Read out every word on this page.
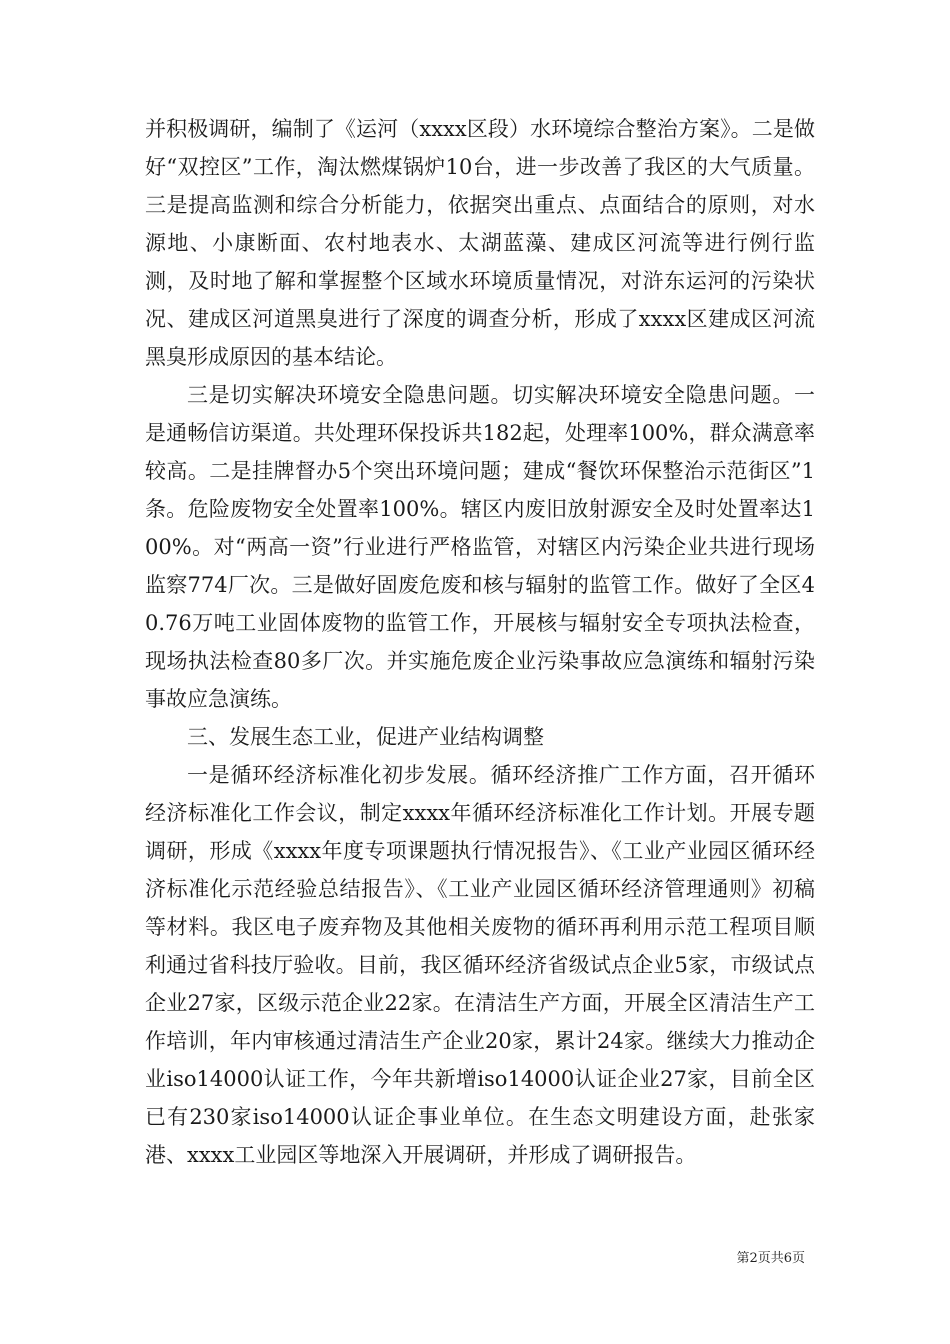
并积极调研，编制了《运河（xxxx区段）水环境综合整治方案》。二是做好“双控区”工作，淘汰燃煤锅炉10台，进一步改善了我区的大气质量。三是提高监测和综合分析能力，依据突出重点、点面结合的原则，对水源地、小康断面、农村地表水、太湖蓝藻、建成区河流等进行例行监测，及时地了解和掌握整个区域水环境质量情况，对浒东运河的污染状况、建成区河道黑臭进行了深度的调查分析，形成了xxxx区建成区河流黑臭形成原因的基本结论。

三是切实解决环境安全隐患问题。切实解决环境安全隐患问题。一是通畅信访渠道。共处理环保投诉共182起，处理率100%，群众满意率较高。二是挂牌督办5个突出环境问题；建成“餐饮环保整治示范街区”1条。危险废物安全处置率100%。辖区内废旧放射源安全及时处置率达100%。对“两高一资”行业进行严格监管，对辖区内污染企业共进行现场监察774厂次。三是做好固废危废和核与辐射的监管工作。做好了全区40.76万吨工业固体废物的监管工作，开展核与辐射安全专项执法检查，现场执法检查80多厂次。并实施危废企业污染事故应急演练和辐射污染事故应急演练。

三、发展生态工业，促进产业结构调整

一是循环经济标准化初步发展。循环经济推广工作方面，召开循环经济标准化工作会议，制定xxxx年循环经济标准化工作计划。开展专题调研，形成《xxxx年度专项课题执行情况报告》、《工业产业园区循环经济标准化示范经验总结报告》、《工业产业园区循环经济管理通则》初稿等材料。我区电子废弃物及其他相关废物的循环再利用示范工程项目顺利通过省科技厅验收。目前，我区循环经济省级试点企业5家，市级试点企业27家，区级示范企业22家。在清洁生产方面，开展全区清洁生产工作培训，年内审核通过清洁生产企业20家，累计24家。继续大力推动企业iso14000认证工作，今年共新增iso14000认证企业27家，目前全区已有230家iso14000认证企事业单位。在生态文明建设方面，赴张家港、xxxx工业园区等地深入开展调研，并形成了调研报告。

第2页共6页
